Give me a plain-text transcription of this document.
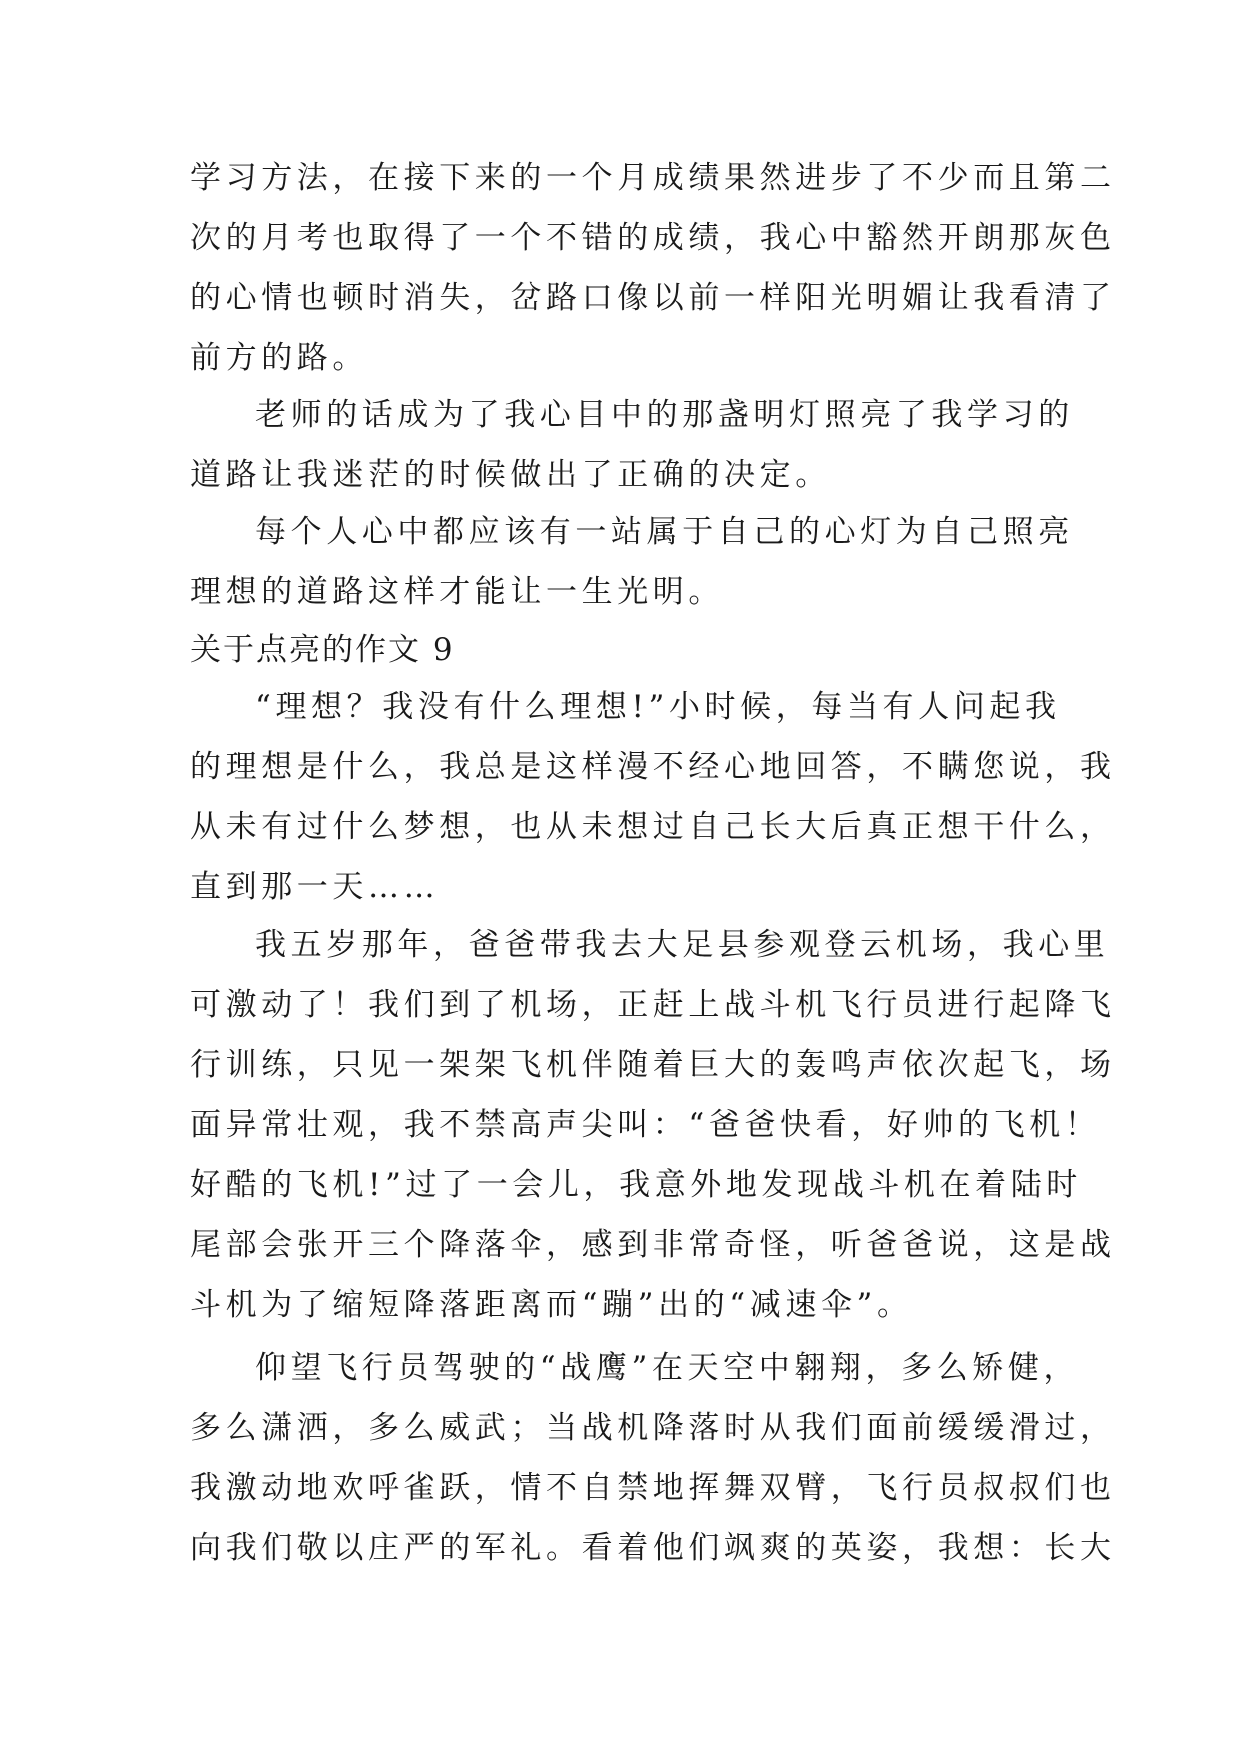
学习方法，在接下来的一个月成绩果然进步了不少而且第二
次的月考也取得了一个不错的成绩，我心中豁然开朗那灰色
的心情也顿时消失，岔路口像以前一样阳光明媚让我看清了
前方的路。
老师的话成为了我心目中的那盏明灯照亮了我学习的
道路让我迷茫的时候做出了正确的决定。
每个人心中都应该有一站属于自己的心灯为自己照亮
理想的道路这样才能让一生光明。
关于点亮的作文 9
“理想？我没有什么理想!”小时候，每当有人问起我
的理想是什么，我总是这样漫不经心地回答，不瞒您说，我
从未有过什么梦想，也从未想过自己长大后真正想干什么，
直到那一天……
我五岁那年，爸爸带我去大足县参观登云机场，我心里
可激动了！我们到了机场，正赶上战斗机飞行员进行起降飞
行训练，只见一架架飞机伴随着巨大的轰鸣声依次起飞，场
面异常壮观，我不禁高声尖叫：“爸爸快看，好帅的飞机！
好酷的飞机!”过了一会儿，我意外地发现战斗机在着陆时
尾部会张开三个降落伞，感到非常奇怪，听爸爸说，这是战
斗机为了缩短降落距离而“蹦”出的“减速伞”。
仰望飞行员驾驶的“战鹰”在天空中翱翔，多么矫健，
多么潇洒，多么威武；当战机降落时从我们面前缓缓滑过，
我激动地欢呼雀跃，情不自禁地挥舞双臂，飞行员叔叔们也
向我们敬以庄严的军礼。看着他们飒爽的英姿，我想：长大
